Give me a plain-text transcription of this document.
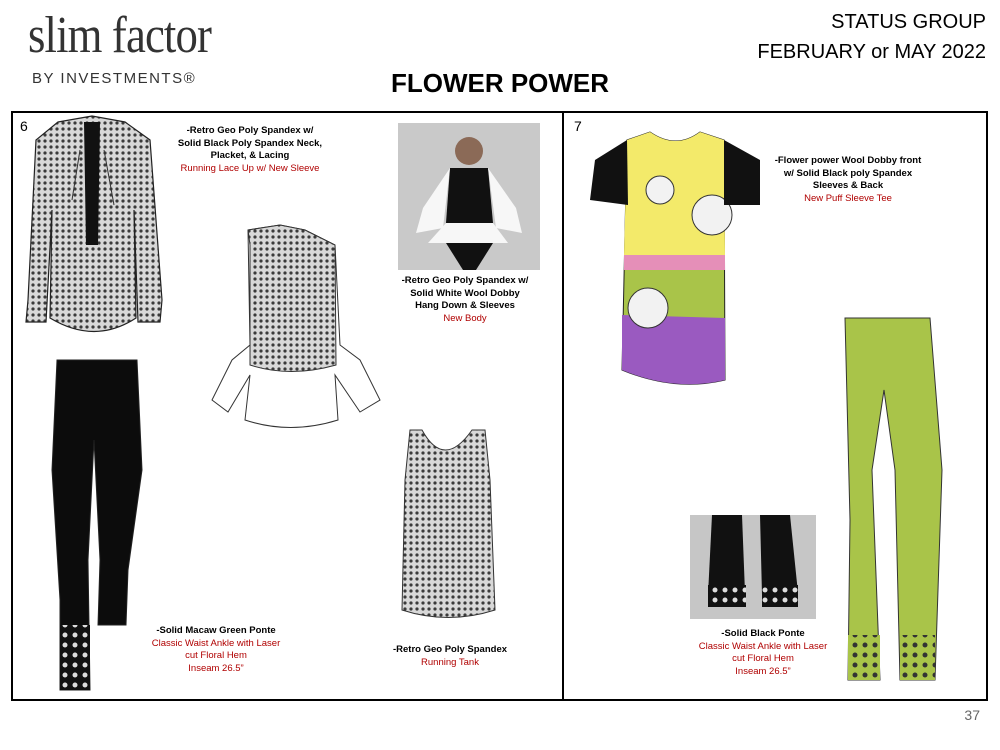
slim factor
BY INVESTMENTS®
STATUS GROUP
FEBRUARY or MAY 2022
FLOWER POWER
6	7
-Retro Geo Poly Spandex w/
Solid Black Poly Spandex Neck,
Placket, & Lacing
Running Lace Up w/ New Sleeve
-Retro Geo Poly Spandex w/
Solid White Wool Dobby
Hang Down & Sleeves
New Body
-Solid Macaw Green Ponte
Classic Waist Ankle with Laser
cut Floral Hem
Inseam 26.5”
-Retro Geo Poly Spandex
Running Tank
-Flower power Wool Dobby front
w/ Solid Black poly Spandex
Sleeves & Back
New Puff Sleeve Tee
-Solid Black Ponte
Classic Waist Ankle with Laser
cut Floral Hem
Inseam 26.5”
37
